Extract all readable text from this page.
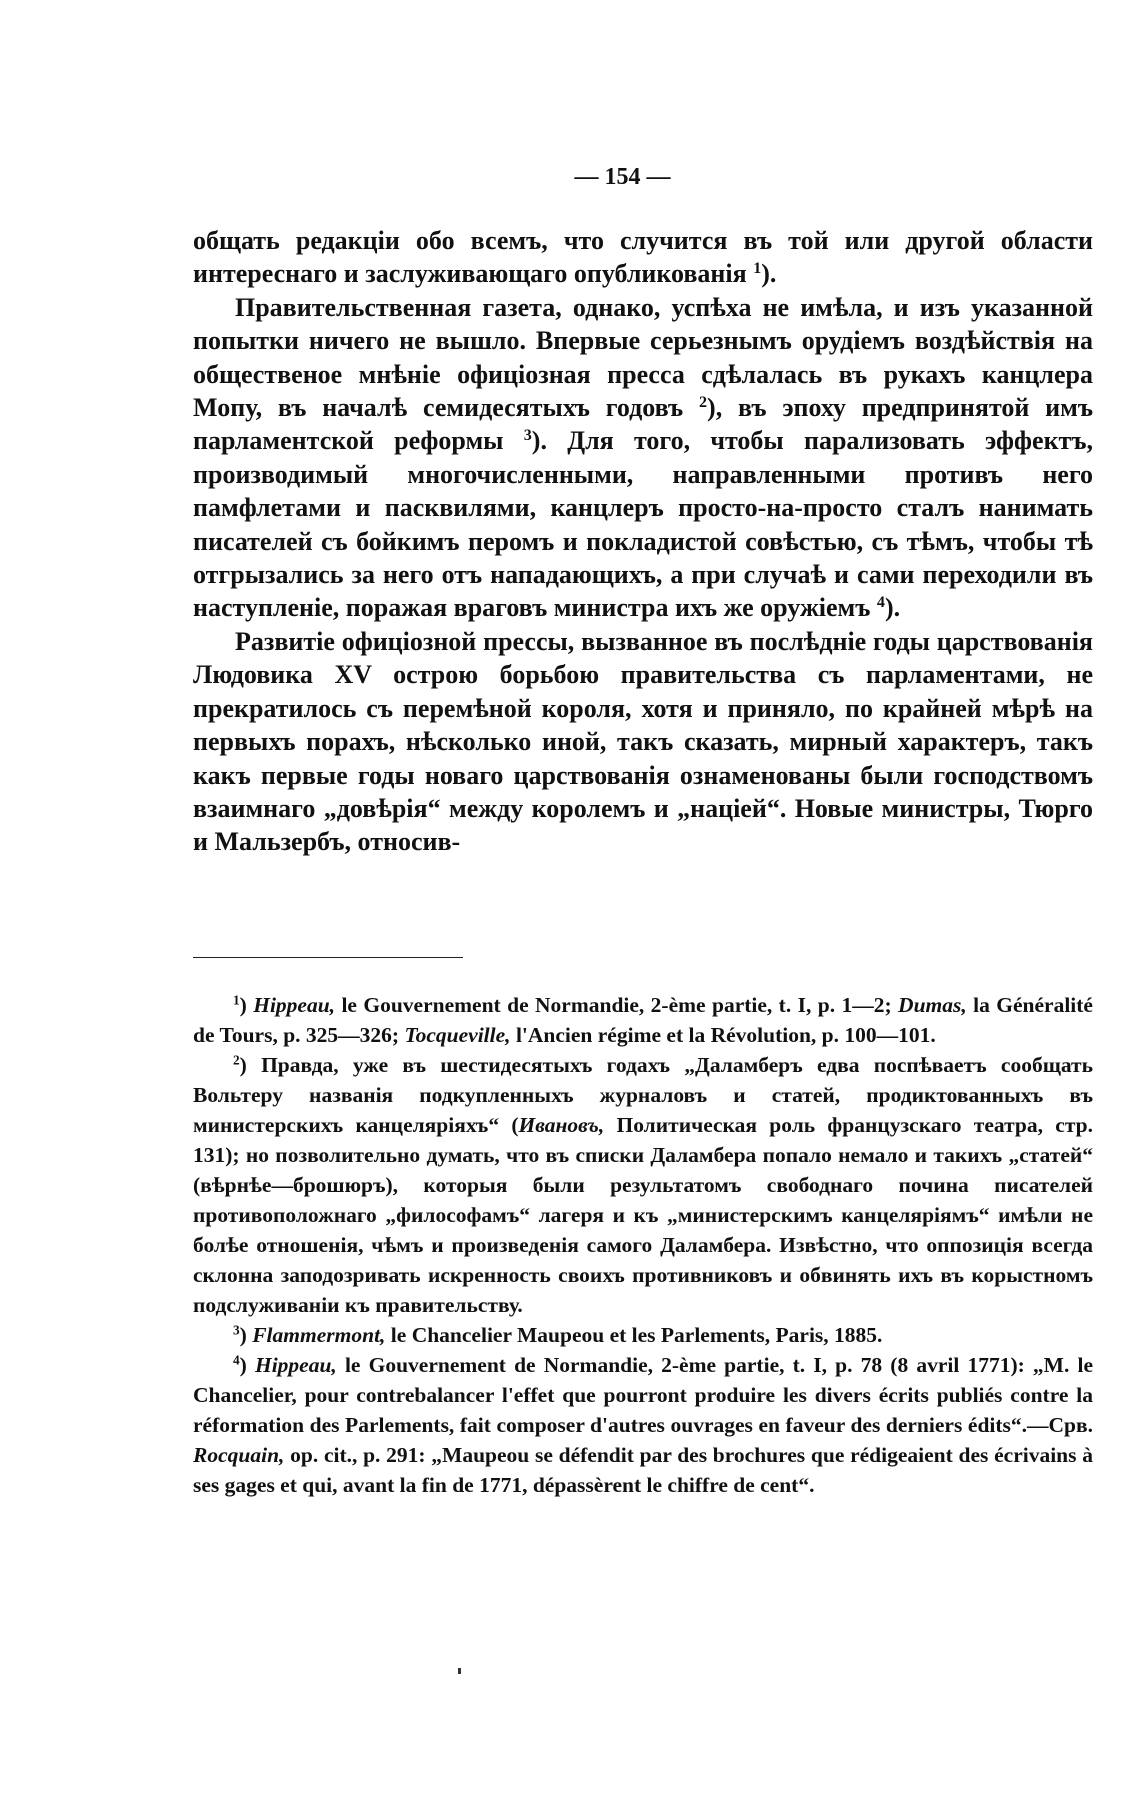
— 154 —

общать редакціи обо всемъ, что случится въ той или другой области интереснаго и заслуживающаго опубликованія $^1$).

Правительственная газета, однако, успѣха не имѣла, и изъ указанной попытки ничего не вышло. Впервые серьезнымъ орудіемъ воздѣйствія на общественое мнѣніе офиціозная пресса сдѣлалась въ рукахъ канцлера Мопу, въ началѣ семидесятыхъ годовъ $^2$), въ эпоху предпринятой имъ парламентской реформы $^3$). Для того, чтобы парализовать эффектъ, производимый многочисленными, направленными противъ него памфлетами и пасквилями, канцлеръ просто-на-просто сталъ нанимать писателей съ бойкимъ перомъ и покладистой совѣстью, съ тѣмъ, чтобы тѣ отгрызались за него отъ нападающихъ, а при случаѣ и сами переходили въ наступленіе, поражая враговъ министра ихъ же оружіемъ $^4$).

Развитіе офиціозной прессы, вызванное въ послѣдніе годы царствованія Людовика XV острою борьбою правительства съ парламентами, не прекратилось съ перемѣной короля, хотя и приняло, по крайней мѣрѣ на первыхъ порахъ, нѣсколько иной, такъ сказать, мирный характеръ, такъ какъ первые годы новаго царствованія ознаменованы были господствомъ взаимнаго „довѣрія“ между королемъ и „націей“. Новые министры, Тюрго и Мальзербъ, относив-

$^1$) Hippeau, le Gouvernement de Normandie, 2-ème partie, t. I, p. 1—2; Dumas, la Généralité de Tours, p. 325—326; Tocqueville, l'Ancien régime et la Révolution, p. 100—101.

$^2$) Правда, уже въ шестидесятыхъ годахъ „Даламберъ едва поспѣваетъ сообщать Вольтеру названія подкупленныхъ журналовъ и статей, продиктованныхъ въ министерскихъ канцеляріяхъ“ (Ивановъ, Политическая роль французскаго театра, стр. 131); но позволительно думать, что въ списки Даламбера попало немало и такихъ „статей“ (вѣрнѣе—брошюръ), которыя были результатомъ свободнаго почина писателей противоположнаго „философамъ“ лагеря и къ „министерскимъ канцеляріямъ“ имѣли не болѣе отношенія, чѣмъ и произведенія самого Даламбера. Извѣстно, что оппозиція всегда склонна заподозривать искренность своихъ противниковъ и обвинять ихъ въ корыстномъ подслуживаніи къ правительству.

$^3$) Flammermont, le Chancelier Maupeou et les Parlements, Paris, 1885.

$^4$) Hippeau, le Gouvernement de Normandie, 2-ème partie, t. I, p. 78 (8 avril 1771): „M. le Chancelier, pour contrebalancer l'effet que pourront produire les divers écrits publiés contre la réformation des Parlements, fait composer d'autres ouvrages en faveur des derniers édits“.—Срв. Rocquain, op. cit., p. 291: „Maupeou se défendit par des brochures que rédigeaient des écrivains à ses gages et qui, avant la fin de 1771, dépassèrent le chiffre de cent“.
